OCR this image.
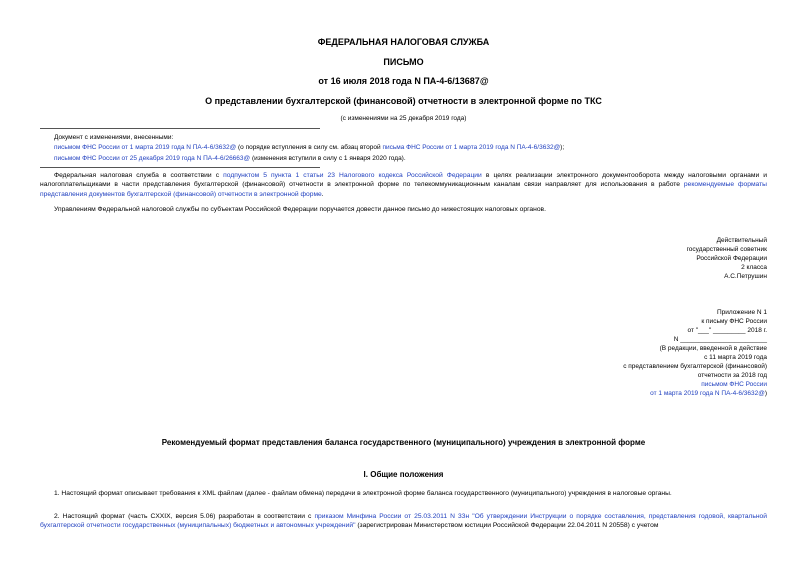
ФЕДЕРАЛЬНАЯ НАЛОГОВАЯ СЛУЖБА
ПИСЬМО
от 16 июля 2018 года N ПА-4-6/13687@
О представлении бухгалтерской (финансовой) отчетности в электронной форме по ТКС
(с изменениями на 25 декабря 2019 года)
Документ с изменениями, внесенными:
письмом ФНС России от 1 марта 2019 года N ПА-4-6/3632@ (о порядке вступления в силу см. абзац второй письма ФНС России от 1 марта 2019 года N ПА-4-6/3632@);
письмом ФНС России от 25 декабря 2019 года N ПА-4-6/26663@ (изменения вступили в силу с 1 января 2020 года).
Федеральная налоговая служба в соответствии с подпунктом 5 пункта 1 статьи 23 Налогового кодекса Российской Федерации в целях реализации электронного документооборота между налоговыми органами и налогоплательщиками в части представления бухгалтерской (финансовой) отчетности в электронной форме по телекоммуникационным каналам связи направляет для использования в работе рекомендуемые форматы представления документов бухгалтерской (финансовой) отчетности в электронной форме.
Управлениям Федеральной налоговой службы по субъектам Российской Федерации поручается довести данное письмо до нижестоящих налоговых органов.
Действительный
государственный советник
Российской Федерации
2 класса
А.С.Петрушин
Приложение N 1
к письму ФНС России
от "___" _________ 2018 г.
N ________________________
(В редакции, введенной в действие
с 11 марта 2019 года
с представлением бухгалтерской (финансовой)
отчетности за 2018 год
письмом ФНС России
от 1 марта 2019 года N ПА-4-6/3632@)
Рекомендуемый формат представления баланса государственного (муниципального) учреждения в электронной форме
I. Общие положения
1. Настоящий формат описывает требования к XML файлам (далее - файлам обмена) передачи в электронной форме баланса государственного (муниципального) учреждения в налоговые органы.
2. Настоящий формат (часть CXXIX, версия 5.06) разработан в соответствии с приказом Минфина России от 25.03.2011 N 33н "Об утверждении Инструкции о порядке составления, представления годовой, квартальной бухгалтерской отчетности государственных (муниципальных) бюджетных и автономных учреждений" (зарегистрирован Министерством юстиции Российской Федерации 22.04.2011 N 20558) с учетом
